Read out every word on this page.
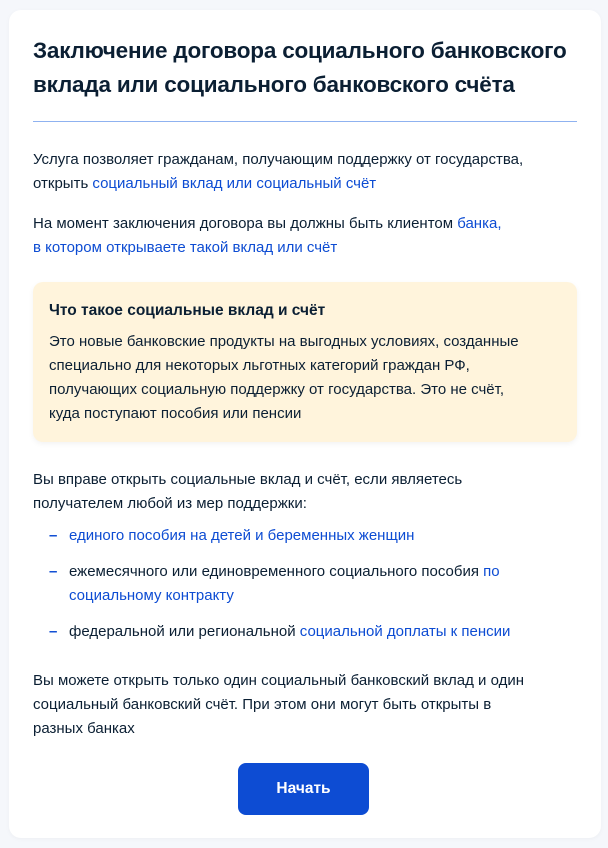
Заключение договора социального банковского
вклада или социального банковского счёта

Услуга позволяет гражданам, получающим поддержку от государства,
открыть социальный вклад или социальный счёт

На момент заключения договора вы должны быть клиентом банка,
в котором открываете такой вклад или счёт

Что такое социальные вклад и счёт

Это новые банковские продукты на выгодных условиях, созданные
специально для некоторых льготных категорий граждан РФ,
получающих социальную поддержку от государства. Это не счёт,
куда поступают пособия или пенсии

Вы вправе открыть социальные вклад и счёт, если являетесь
получателем любой из мер поддержки:

– единого пособия на детей и беременных женщин
– ежемесячного или единовременного социального пособия по
социальному контракту
– федеральной или региональной социальной доплаты к пенсии

Вы можете открыть только один социальный банковский вклад и один
социальный банковский счёт. При этом они могут быть открыты в
разных банках

Начать
